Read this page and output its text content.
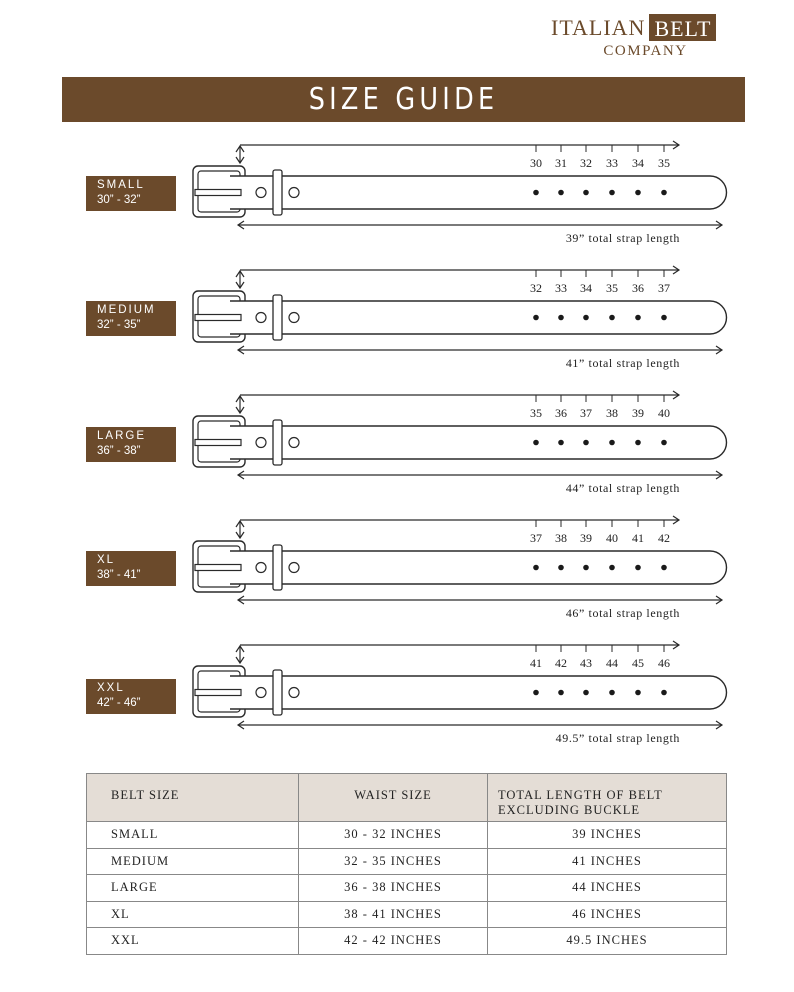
ITALIAN BELT
COMPANY
SIZE GUIDE
SMALL
30” - 32”
MEDIUM
32” - 35”
LARGE
36” - 38”
XL
38” - 41”
XXL
42” - 46”
30 31 32 33 34 35
39” total strap length
32 33 34 35 36 37
41” total strap length
35 36 37 38 39 40
44” total strap length
37 38 39 40 41 42
46” total strap length
41 42 43 44 45 46
49.5” total strap length
BELT SIZE	WAIST SIZE	TOTAL LENGTH OF BELT
EXCLUDING BUCKLE
SMALL	30 - 32 INCHES	39 INCHES
MEDIUM	32 - 35 INCHES	41 INCHES
LARGE	36 - 38 INCHES	44 INCHES
XL	38 - 41 INCHES	46 INCHES
XXL	42 - 42 INCHES	49.5 INCHES
